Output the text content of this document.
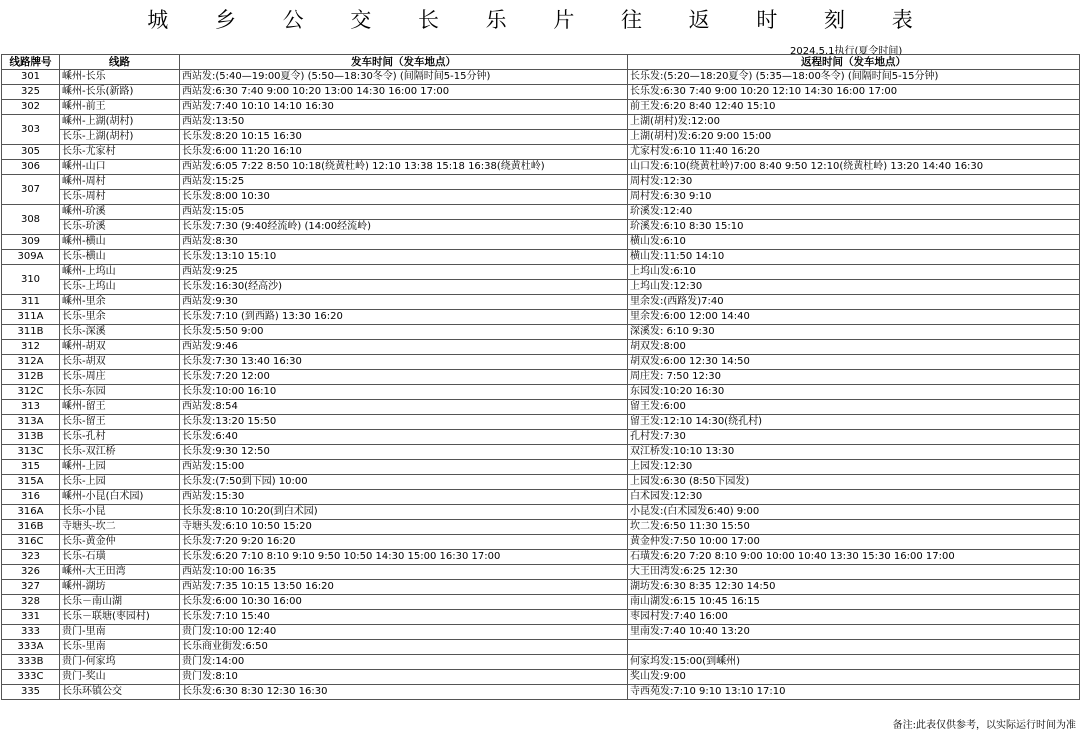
城 乡 公 交 长 乐 片 往 返 时 刻 表
2024.5.1执行(夏令时间)
线路牌号	线路	发车时间（发车地点）	返程时间（发车地点）
301	嵊州-长乐	西站发:(5:40—19:00夏令) (5:50—18:30冬令) (间隔时间5-15分钟)	长乐发:(5:20—18:20夏令) (5:35—18:00冬令) (间隔时间5-15分钟)
325	嵊州-长乐(新路)	西站发:6:30 7:40 9:00 10:20 13:00 14:30 16:00 17:00	长乐发:6:30 7:40 9:00 10:20 12:10 14:30 16:00 17:00
302	嵊州-前王	西站发:7:40 10:10 14:10 16:30	前王发:6:20 8:40 12:40 15:10
303	嵊州-上湖(胡村)	西站发:13:50	上湖(胡村)发:12:00
	长乐-上湖(胡村)	长乐发:8:20 10:15 16:30	上湖(胡村)发:6:20 9:00 15:00
305	长乐-尤家村	长乐发:6:00 11:20 16:10	尤家村发:6:10 11:40 16:20
306	嵊州-山口	西站发:6:05 7:22 8:50 10:18(绕黄杜岭) 12:10 13:38 15:18 16:38(绕黄杜岭)	山口发:6:10(绕黄杜岭)7:00 8:40 9:50 12:10(绕黄杜岭) 13:20 14:40 16:30
307	嵊州-周村	西站发:15:25	周村发:12:30
	长乐-周村	长乐发:8:00 10:30	周村发:6:30 9:10
308	嵊州-玠溪	西站发:15:05	玠溪发:12:40
	长乐-玠溪	长乐发:7:30 (9:40经流岭) (14:00经流岭)	玠溪发:6:10 8:30 15:10
309	嵊州-横山	西站发:8:30	横山发:6:10
309A	长乐-横山	长乐发:13:10 15:10	横山发:11:50 14:10
310	嵊州-上坞山	西站发:9:25	上坞山发:6:10
	长乐-上坞山	长乐发:16:30(经高沙)	上坞山发:12:30
311	嵊州-里余	西站发:9:30	里余发:(西路发)7:40
311A	长乐-里余	长乐发:7:10 (到西路) 13:30 16:20	里余发:6:00 12:00 14:40
311B	长乐-深溪	长乐发:5:50 9:00	深溪发: 6:10 9:30
312	嵊州-胡双	西站发:9:46	胡双发:8:00
312A	长乐-胡双	长乐发:7:30 13:40 16:30	胡双发:6:00 12:30 14:50
312B	长乐-周庄	长乐发:7:20 12:00	周庄发: 7:50 12:30
312C	长乐-东园	长乐发:10:00 16:10	东园发:10:20 16:30
313	嵊州-留王	西站发:8:54	留王发:6:00
313A	长乐-留王	长乐发:13:20 15:50	留王发:12:10 14:30(绕孔村)
313B	长乐-孔村	长乐发:6:40	孔村发:7:30
313C	长乐-双江桥	长乐发:9:30 12:50	双江桥发:10:10 13:30
315	嵊州-上园	西站发:15:00	上园发:12:30
315A	长乐-上园	长乐发:(7:50到下园) 10:00	上园发:6:30 (8:50下园发)
316	嵊州-小昆(白术园)	西站发:15:30	白术园发:12:30
316A	长乐-小昆	长乐发:8:10 10:20(到白术园)	小昆发:(白术园发6:40) 9:00
316B	寺塘头-坎二	寺塘头发:6:10 10:50 15:20	坎二发:6:50 11:30 15:50
316C	长乐-黄金仲	长乐发:7:20 9:20 16:20	黄金仲发:7:50 10:00 17:00
323	长乐-石璜	长乐发:6:20 7:10 8:10 9:10 9:50 10:50 14:30 15:00 16:30 17:00	石璜发:6:20 7:20 8:10 9:00 10:00 10:40 13:30 15:30 16:00 17:00
326	嵊州-大王田湾	西站发:10:00 16:35	大王田湾发:6:25 12:30
327	嵊州-湖坊	西站发:7:35 10:15 13:50 16:20	湖坊发:6:30 8:35 12:30 14:50
328	长乐－南山湖	长乐发:6:00 10:30 16:00	南山湖发:6:15 10:45 16:15
331	长乐－联塘(枣园村)	长乐发:7:10 15:40	枣园村发:7:40 16:00
333	贵门-里南	贵门发:10:00 12:40	里南发:7:40 10:40 13:20
333A	长乐-里南	长乐商业街发:6:50	
333B	贵门-何家坞	贵门发:14:00	何家坞发:15:00(到嵊州)
333C	贵门-奖山	贵门发:8:10	奖山发:9:00
335	长乐环镇公交	长乐发:6:30 8:30 12:30 16:30	寺西苑发:7:10 9:10 13:10 17:10
备注:此表仅供参考，以实际运行时间为准
